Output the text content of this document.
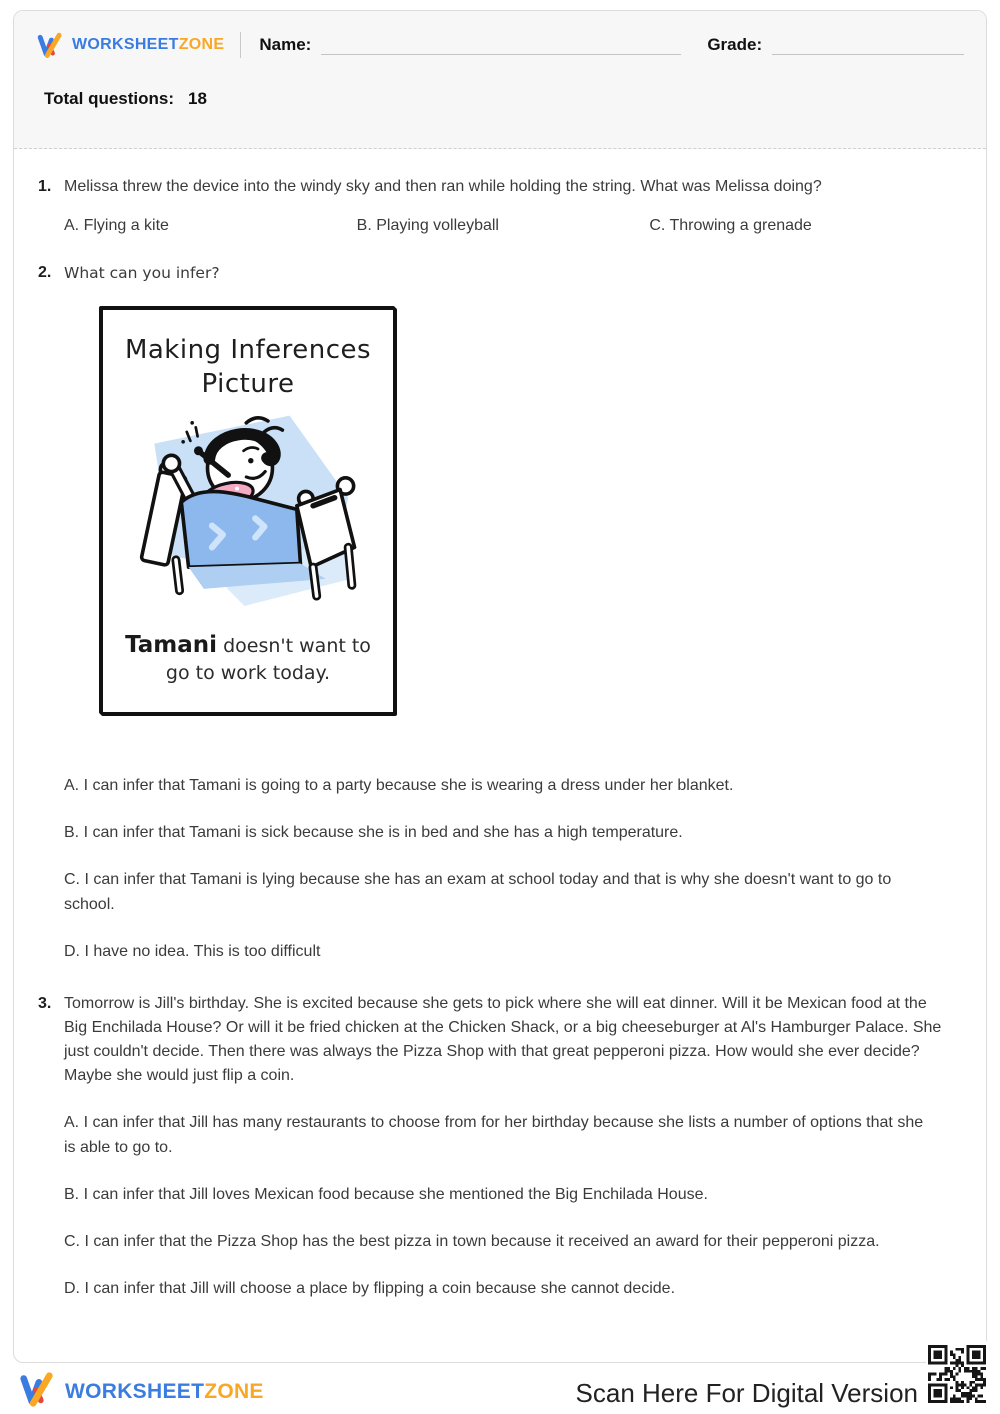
WORKSHEETZONE Name:	Grade:
Total questions: 18
1. Melissa threw the device into the windy sky and then ran while holding the string. What was Melissa doing?
A. Flying a kite	B. Playing volleyball	C. Throwing a grenade
2. What can you infer?
Making Inferences
Picture
Tamani doesn't want to go to work today.
A. I can infer that Tamani is going to a party because she is wearing a dress under her blanket.
B. I can infer that Tamani is sick because she is in bed and she has a high temperature.
C. I can infer that Tamani is lying because she has an exam at school today and that is why she doesn't want to go to school.
D. I have no idea. This is too difficult
3. Tomorrow is Jill's birthday. She is excited because she gets to pick where she will eat dinner. Will it be Mexican food at the Big Enchilada House? Or will it be fried chicken at the Chicken Shack, or a big cheeseburger at Al's Hamburger Palace. She just couldn't decide. Then there was always the Pizza Shop with that great pepperoni pizza. How would she ever decide? Maybe she would just flip a coin.
A. I can infer that Jill has many restaurants to choose from for her birthday because she lists a number of options that she is able to go to.
B. I can infer that Jill loves Mexican food because she mentioned the Big Enchilada House.
C. I can infer that the Pizza Shop has the best pizza in town because it received an award for their pepperoni pizza.
D. I can infer that Jill will choose a place by flipping a coin because she cannot decide.
WORKSHEETZONE	Scan Here For Digital Version
